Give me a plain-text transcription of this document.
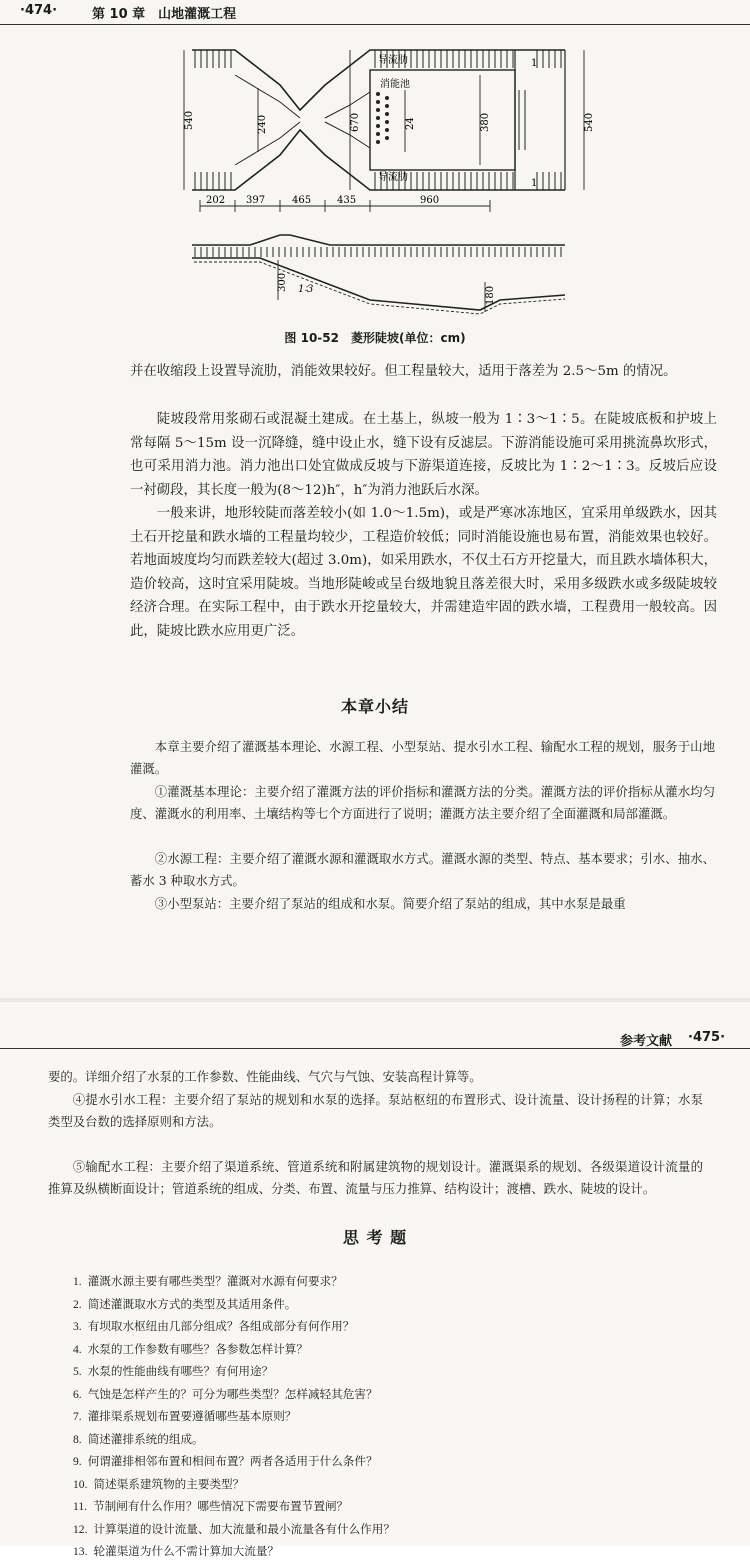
·474·	第 10 章　山地灌溉工程
540	240	670	24	380	540
导流肋
消能池
导流肋
1
1
202 397	465	435	960
300 1∶3	180
图 10-52　菱形陡坡(单位：cm)

并在收缩段上设置导流肋，消能效果较好。但工程量较大，适用于落差为 2.5～5m 的情况。

陡坡段常用浆砌石或混凝土建成。在土基上，纵坡一般为 1∶3～1∶5。在陡坡底板和护坡上常每隔 5～15m 设一沉降缝，缝中设止水，缝下设有反滤层。下游消能设施可采用挑流鼻坎形式，也可采用消力池。消力池出口处宜做成反坡与下游渠道连接，反坡比为 1∶2～1∶3。反坡后应设一衬砌段，其长度一般为(8～12)h″，h″为消力池跃后水深。

一般来讲，地形较陡而落差较小(如 1.0～1.5m)，或是严寒冰冻地区，宜采用单级跌水，因其土石开挖量和跌水墙的工程量均较少，工程造价较低；同时消能设施也易布置，消能效果也较好。若地面坡度均匀而跌差较大(超过 3.0m)，如采用跌水，不仅土石方开挖量大，而且跌水墙体积大，造价较高，这时宜采用陡坡。当地形陡峻或呈台级地貌且落差很大时，采用多级跌水或多级陡坡较经济合理。在实际工程中，由于跌水开挖量较大，并需建造牢固的跌水墙，工程费用一般较高。因此，陡坡比跌水应用更广泛。

本章小结

本章主要介绍了灌溉基本理论、水源工程、小型泵站、提水引水工程、输配水工程的规划，服务于山地灌溉。

①灌溉基本理论：主要介绍了灌溉方法的评价指标和灌溉方法的分类。灌溉方法的评价指标从灌水均匀度、灌溉水的利用率、土壤结构等七个方面进行了说明；灌溉方法主要介绍了全面灌溉和局部灌溉。

②水源工程：主要介绍了灌溉水源和灌溉取水方式。灌溉水源的类型、特点、基本要求；引水、抽水、蓄水 3 种取水方式。

③小型泵站：主要介绍了泵站的组成和水泵。简要介绍了泵站的组成，其中水泵是最重

参考文献 ·475·

要的。详细介绍了水泵的工作参数、性能曲线、气穴与气蚀、安装高程计算等。

④提水引水工程：主要介绍了泵站的规划和水泵的选择。泵站枢纽的布置形式、设计流量、设计扬程的计算；水泵类型及台数的选择原则和方法。

⑤输配水工程：主要介绍了渠道系统、管道系统和附属建筑物的规划设计。灌溉渠系的规划、各级渠道设计流量的推算及纵横断面设计；管道系统的组成、分类、布置、流量与压力推算、结构设计；渡槽、跌水、陡坡的设计。

思 考 题
1. 灌溉水源主要有哪些类型？灌溉对水源有何要求？
2. 简述灌溉取水方式的类型及其适用条件。
3. 有坝取水枢纽由几部分组成？各组成部分有何作用？
4. 水泵的工作参数有哪些？各参数怎样计算？
5. 水泵的性能曲线有哪些？有何用途？
6. 气蚀是怎样产生的？可分为哪些类型？怎样减轻其危害？
7. 灌排渠系规划布置要遵循哪些基本原则？
8. 简述灌排系统的组成。
9. 何谓灌排相邻布置和相间布置？两者各适用于什么条件？
10. 简述渠系建筑物的主要类型？
11. 节制闸有什么作用？哪些情况下需要布置节置闸？
12. 计算渠道的设计流量、加大流量和最小流量各有什么作用？
13. 轮灌渠道为什么不需计算加大流量？
